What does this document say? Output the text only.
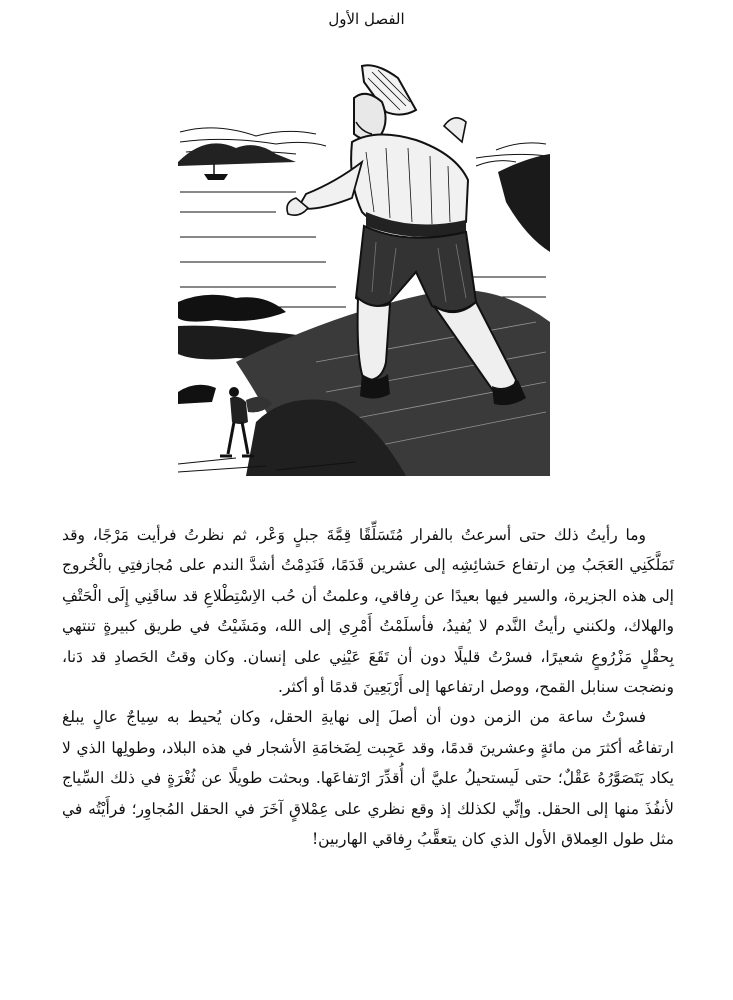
الفصل الأول

وما رأيتُ ذلك حتى أسرعتُ بالفرار مُتَسَلِّقًا قِمَّةَ جبلٍ وَعْر، ثم نظرتُ فرأيت مَرْجًا، وقد تَمَلَّكَنِي العَجَبُ مِن ارتفاع حَشائِشِه إلى عشرين قَدَمًا، فَنَدِمْتُ أشدَّ الندم على مُجازفتِي بالْخُروج إلى هذه الجزيرة، والسير فيها بعيدًا عن رِفاقي، وعلمتُ أن حُب الاِسْتِطْلاعِ قد ساقَنِي إِلَى الْحَتْفِ والهلاك، ولكنني رأيتُ النَّدم لا يُفيدُ، فأسلَمْتُ أَمْرِي إلى الله، ومَشَيْتُ في طريق كبيرةٍ تنتهي بِحقْلٍ مَزْرُوعٍ شعيرًا، فسرْتُ قليلًا دون أن تَقَعَ عَيْنِي على إنسان. وكان وقتُ الحَصادِ قد دَنا، ونضجت سنابل القمح، ووصل ارتفاعها إلى أَرْبَعِينَ قدمًا أو أكثر.

فسرْتُ ساعة من الزمن دون أن أصلَ إلى نهايةِ الحقل، وكان يُحيط به سِياجٌ عالٍ يبلغ ارتفاعُه أكثرَ من مائةٍ وعشرينَ قدمًا، وقد عَجِبت لِضَخامَةِ الأشجار في هذه البلاد، وطولِها الذي لا يكاد يَتَصَوَّرُهُ عَقْلٌ؛ حتى لَيستحيلُ عليَّ أن أُقدِّرَ ارْتفاعَها. وبحثت طويلًا عن ثُغْرَةٍ في ذلك السِّياج لأنفُذَ منها إلى الحقل. وإنِّي لكذلك إذ وقع نظري على عِمْلاقٍ آخَرَ في الحقل المُجاوِر؛ فرأَيْتُه في مثل طول العِملاق الأول الذي كان يتعقَّبُ رِفاقي الهاربين!
